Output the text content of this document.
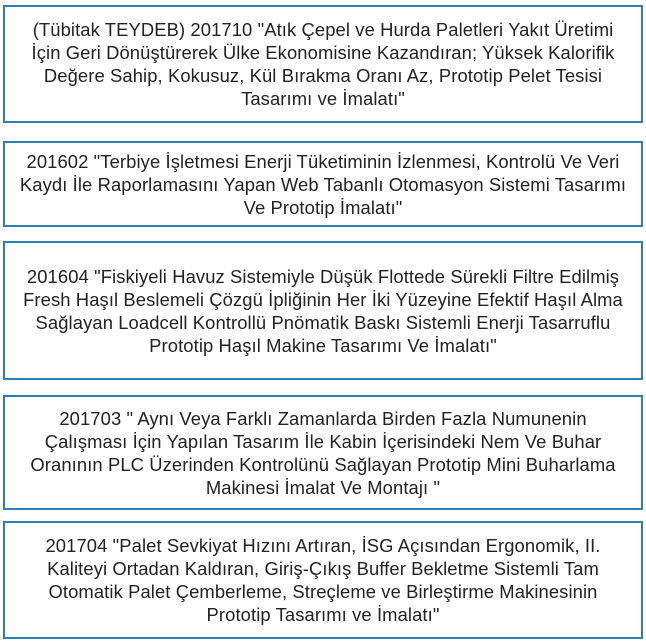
(Tübitak TEYDEB) 201710 "Atık Çepel ve Hurda Paletleri Yakıt Üretimi İçin Geri Dönüştürerek Ülke Ekonomisine Kazandıran; Yüksek Kalorifik Değere Sahip, Kokusuz, Kül Bırakma Oranı Az, Prototip Pelet Tesisi Tasarımı ve İmalatı"
201602 "Terbiye İşletmesi Enerji Tüketiminin İzlenmesi, Kontrolü Ve Veri Kaydı İle Raporlamasını Yapan Web Tabanlı Otomasyon Sistemi Tasarımı Ve Prototip İmalatı"
201604 "Fiskiyeli Havuz Sistemiyle Düşük Flottede Sürekli Filtre Edilmiş Fresh Haşıl Beslemeli Çözgü İpliğinin Her İki Yüzeyine Efektif Haşıl Alma Sağlayan Loadcell Kontrollü Pnömatik Baskı Sistemli Enerji Tasarruflu Prototip Haşıl Makine Tasarımı Ve İmalatı"
201703 " Aynı Veya Farklı Zamanlarda Birden Fazla Numunenin Çalışması İçin Yapılan Tasarım İle Kabin İçerisindeki Nem Ve Buhar Oranının PLC Üzerinden Kontrolünü Sağlayan Prototip Mini Buharlama Makinesi İmalat Ve Montajı "
201704 "Palet Sevkiyat Hızını Artıran, İSG Açısından Ergonomik, II. Kaliteyi Ortadan Kaldıran, Giriş-Çıkış Buffer Bekletme Sistemli Tam Otomatik Palet Çemberleme, Streçleme ve Birleştirme Makinesinin Prototip Tasarımı ve İmalatı"
